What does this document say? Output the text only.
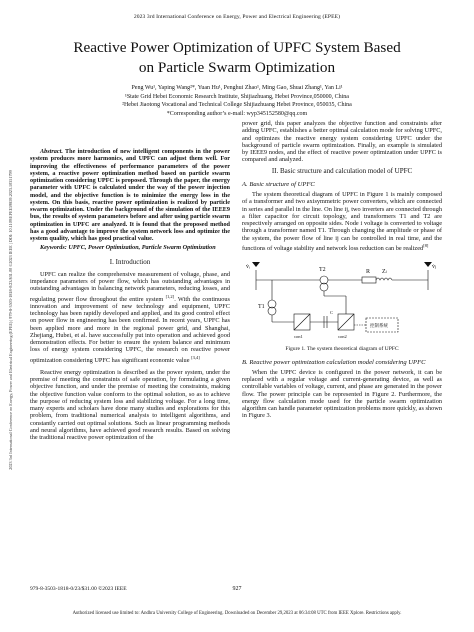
2023 3rd International Conference on Energy, Power and Electrical Engineering (EPEE)
Reactive Power Optimization of UPFC System Based
on Particle Swarm Optimization
Peng Wu¹, Yaping Wang²*, Yuan Hu¹, Penghui Zhao¹, Ming Gao, Shuai Zhang¹, Yan Li¹
¹State Grid Hebei Economic Research Institute, Shijiazhuang, Hebei Province,050000, China
²Hebei Jiaotong Vocational and Technical College Shijiazhuang Hebei Province, 050035, China
*Corresponding author’s e-mail: wyp345152580@qq.com
2023 3rd International Conference on Energy, Power and Electrical Engineering (EPEE) | 979-8-3503-1818-0/23/$31.00 ©2023 IEEE | DOI: 10.1109/EPEE59859.2023.10351799

Abstract. The introduction of new intelligent components in the power system produces more harmonics, and UPFC can adjust them well. For improving the effectiveness of performance parameters of the power system, a reactive power optimization method based on particle swarm optimization considering UPFC is proposed. Through the paper, the energy parameter with UPFC is calculated under the way of the power injection model, and the objective function is to minimize the energy loss in the system. On this basis, reactive power optimization is realized by particle swarm optimization. Under the background of the simulation of the IEEE9 bus, the results of system parameters before and after using particle swarm optimization in UPFC are analyzed. It is found that the proposed method has a good advantage to improve the system network loss and optimize the system quality, which has good practical value.

Keywords: UPFC, Power Optimization, Particle Swarm Optimization

I. Introduction

UPFC can realize the comprehensive measurement of voltage, phase, and impedance parameters of power flow, which has outstanding advantages in outstanding advantages in balancing network parameters, reducing losses, and regulating power flow throughout the entire system [1,2]. With the continuous innovation and improvement of new technology and equipment, UPFC technology has been rapidly developed and applied, and its good control effect on power flow in engineering has been confirmed. In recent years, UPFC has been applied more and more in the regional power grid, and Shanghai, Zhejiang, Hubei, et al. have successfully put into operation and achieved good demonstration effects. For better to ensure the system balance and minimum loss of energy system considering UPFC, the research on reactive power optimization considering UPFC has significant economic value [3,4]

Reactive energy optimization is described as the power system, under the premise of meeting the constraints of safe operation, by formulating a given objective function, and under the premise of meeting the constraints, making the objective function value conform to the optimal solution, so as to achieve the purpose of reducing system loss and stabilizing voltage. For a long time, many experts and scholars have done many studies and explorations for this problem, from traditional numerical analysis to intelligent algorithms, and constantly carried out optimal solutions. Such as linear programming methods and neural algorithms, have achieved good research results. Based on solving the traditional reactive power optimization of the

power grid, this paper analyzes the objective function and constraints after adding UPFC, establishes a better optimal calculation mode for solving UPFC, and optimizes the reactive energy system considering UPFC under the background of particle swarm optimization. Finally, an example is simulated by IEEE9 nodes, and the effect of reactive power optimization under UPFC is compared and analyzed.

II. Basic structure and calculation model of UPFC
A. Basic structure of UPFC

The system theoretical diagram of UPFC in Figure 1 is mainly composed of a transformer and two axisymmetric power converters, which are connected in series and parallel in the line. On line ij, two inverters are connected through a filter capacitor for circuit topology, and transformers T1 and T2 are respectively arranged on opposite sides. Node i voltage is converted to voltage through a transformer named T1. Through changing the amplitude or phase of the system, the power flow of line ij can be controlled in real time, and the functions of voltage stability and network loss reduction can be realized[8]

v̇ᵢ	v̇ⱼ
T2
T1
Zₗ
R
C
con1	con2
控制系统
Figure 1. The system theoretical diagram of UPFC
B. Reactive power optimization calculation model considering UPFC

When the UPFC device is configured in the power network, it can be replaced with a regular voltage and current-generating device, as well as controllable variables of voltage, current, and phase are generated in the power flow. The power principle can be represented in Figure 2. Furthermore, the energy flow calculation mode used for the particle swarm optimization algorithm can handle parameter optimization problems more quickly, as shown in Figure 3.

979-8-3503-1818-0/23/$31.00 ©2023 IEEE	927
Authorized licensed use limited to: Andhra University College of Engineering. Downloaded on December 29,2023 at 06:34:08 UTC from IEEE Xplore. Restrictions apply.
